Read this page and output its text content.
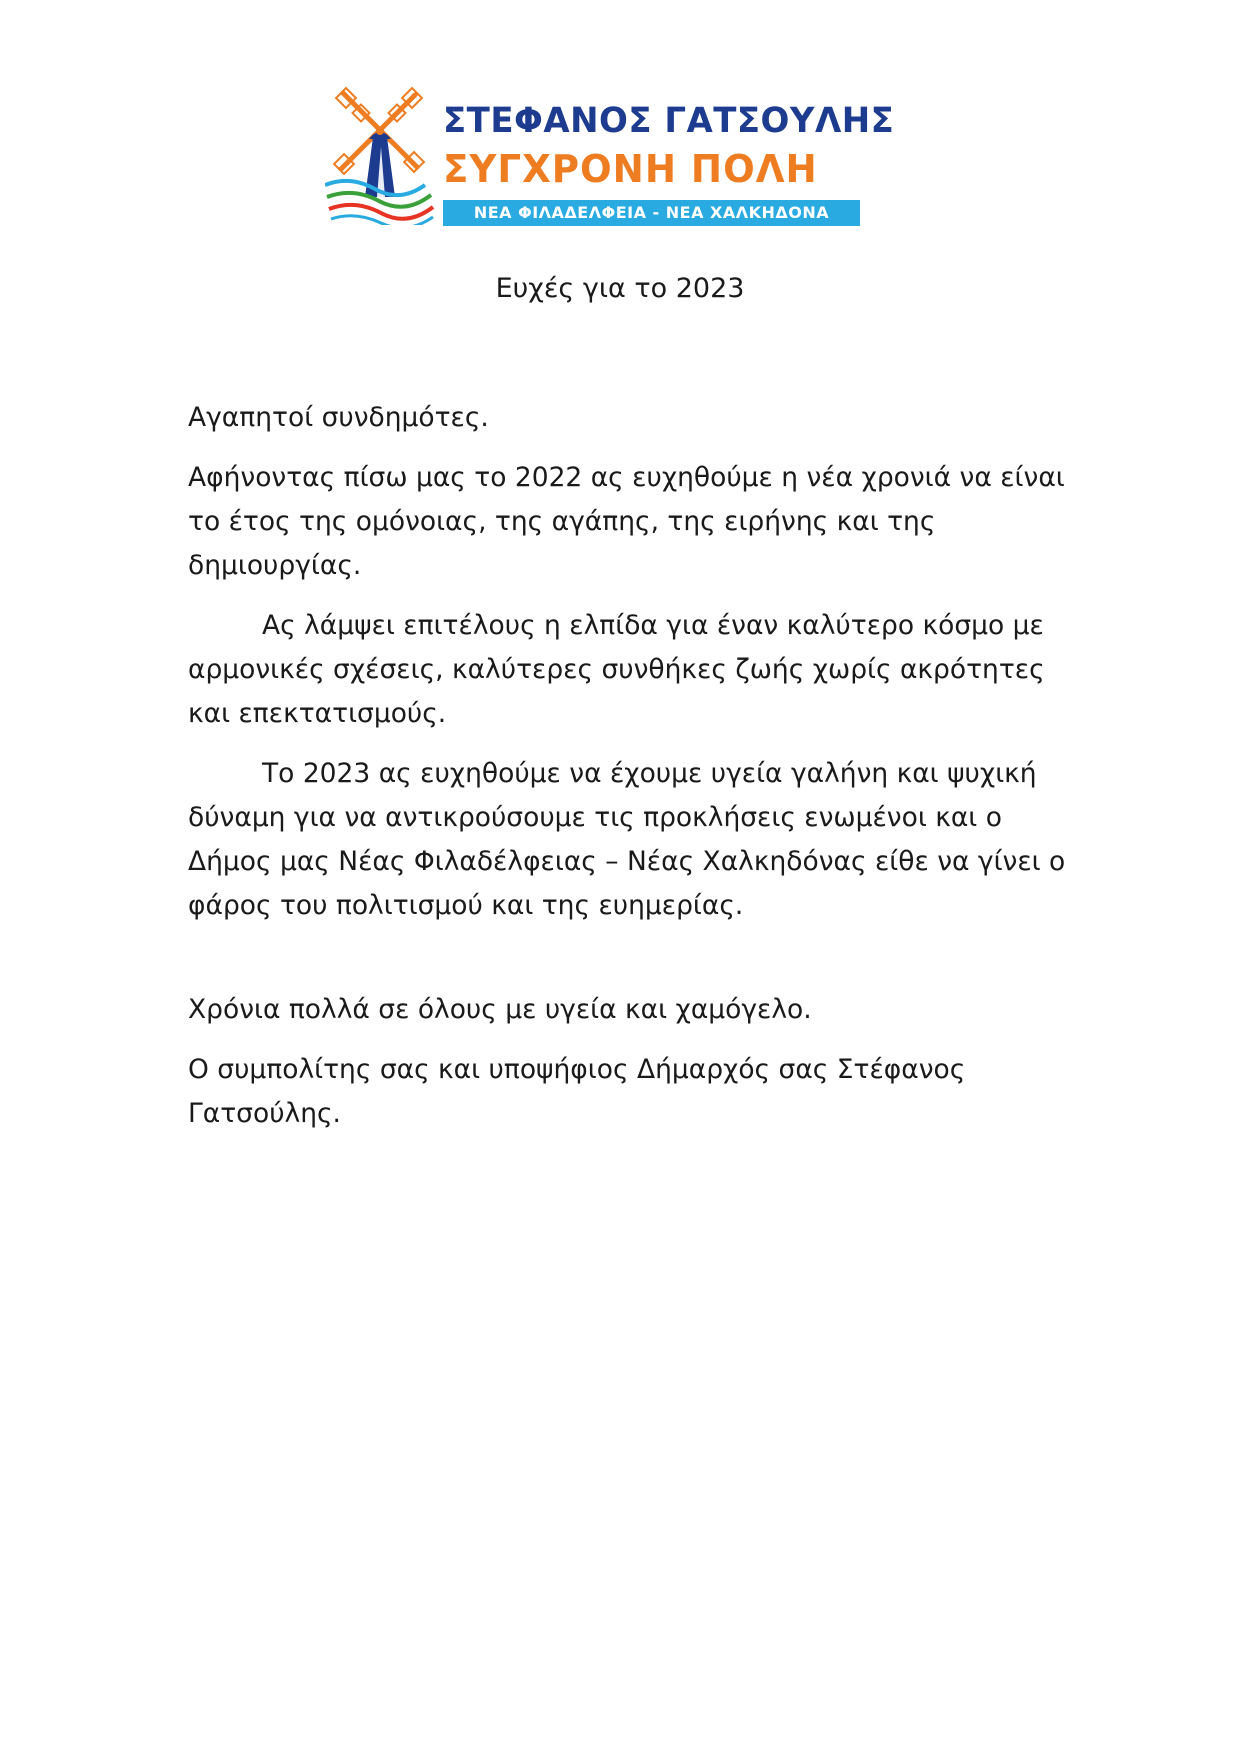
ΣΤΕΦΑΝΟΣ ΓΑΤΣΟΥΛΗΣ
ΣΥΓΧΡΟΝΗ ΠΟΛΗ
ΝΕΑ ΦΙΛΑΔΕΛΦΕΙΑ - ΝΕΑ ΧΑΛΚΗΔΟΝΑ
Ευχές για το 2023

Αγαπητοί συνδημότες.

Αφήνοντας πίσω μας το 2022 ας ευχηθούμε η νέα χρονιά να είναι το έτος της ομόνοιας, της αγάπης, της ειρήνης και της δημιουργίας.

Ας λάμψει επιτέλους η ελπίδα για έναν καλύτερο κόσμο με αρμονικές σχέσεις, καλύτερες συνθήκες ζωής χωρίς ακρότητες και επεκτατισμούς.

Το 2023 ας ευχηθούμε να έχουμε υγεία γαλήνη και ψυχική δύναμη για να αντικρούσουμε τις προκλήσεις ενωμένοι και ο Δήμος μας Νέας Φιλαδέλφειας – Νέας Χαλκηδόνας είθε να γίνει ο φάρος του πολιτισμού και της ευημερίας.

Χρόνια πολλά σε όλους με υγεία και χαμόγελο.

Ο συμπολίτης σας και υποψήφιος Δήμαρχός σας Στέφανος Γατσούλης.
